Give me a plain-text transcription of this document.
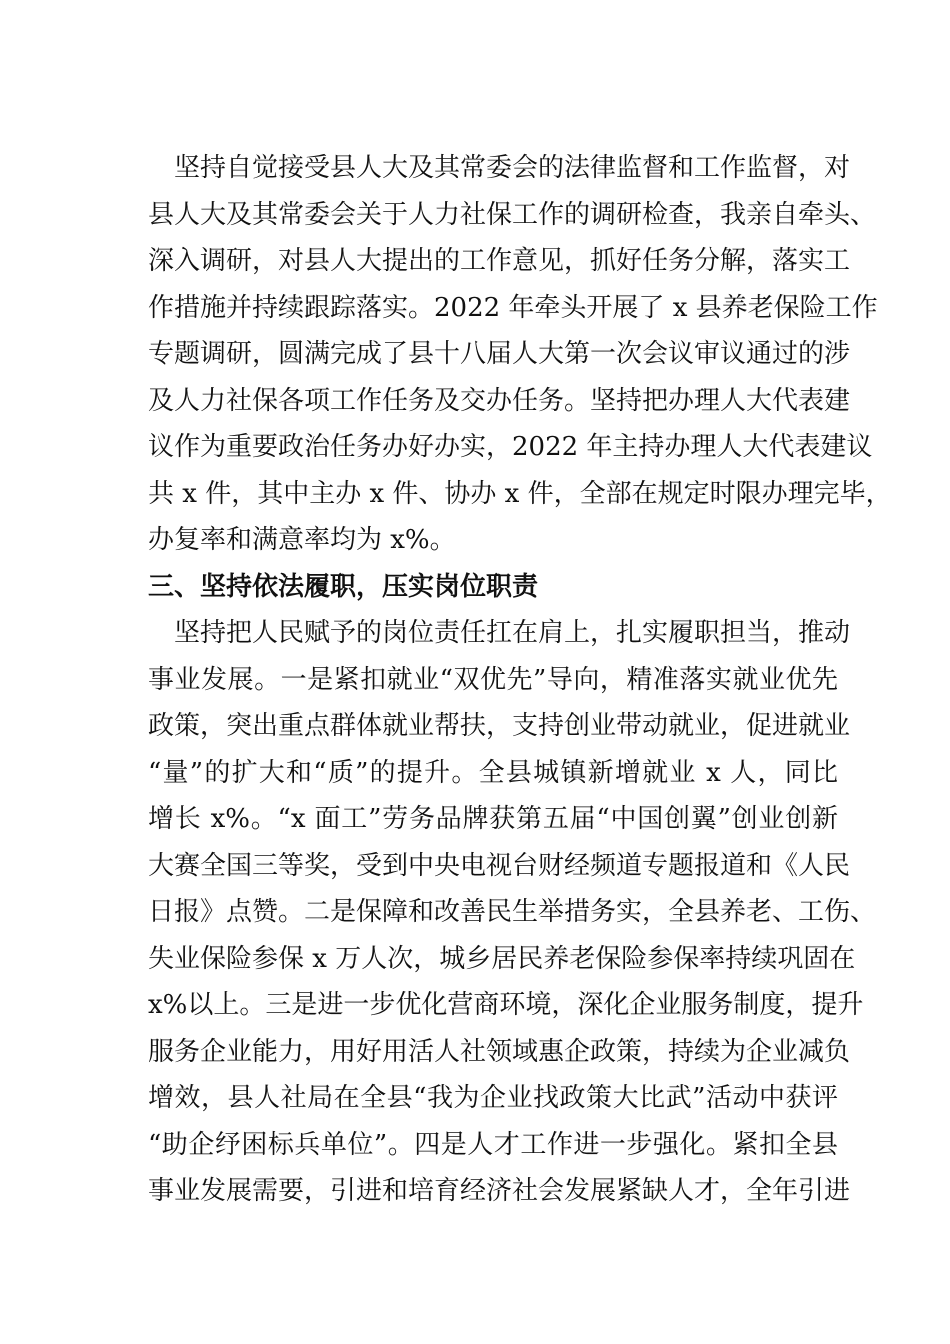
　坚持自觉接受县人大及其常委会的法律监督和工作监督，对
县人大及其常委会关于人力社保工作的调研检查，我亲自牵头、
深入调研，对县人大提出的工作意见，抓好任务分解，落实工
作措施并持续跟踪落实。2022 年牵头开展了 x 县养老保险工作
专题调研，圆满完成了县十八届人大第一次会议审议通过的涉
及人力社保各项工作任务及交办任务。坚持把办理人大代表建
议作为重要政治任务办好办实，2022 年主持办理人大代表建议
共 x 件，其中主办 x 件、协办 x 件，全部在规定时限办理完毕，
办复率和满意率均为 x%。
三、坚持依法履职，压实岗位职责
　坚持把人民赋予的岗位责任扛在肩上，扎实履职担当，推动
事业发展。一是紧扣就业“双优先”导向，精准落实就业优先
政策，突出重点群体就业帮扶，支持创业带动就业，促进就业
“量”的扩大和“质”的提升。全县城镇新增就业 x 人，同比
增长 x%。“x 面工”劳务品牌获第五届“中国创翼”创业创新
大赛全国三等奖，受到中央电视台财经频道专题报道和《人民
日报》点赞。二是保障和改善民生举措务实，全县养老、工伤、
失业保险参保 x 万人次，城乡居民养老保险参保率持续巩固在
x%以上。三是进一步优化营商环境，深化企业服务制度，提升
服务企业能力，用好用活人社领域惠企政策，持续为企业减负
增效，县人社局在全县“我为企业找政策大比武”活动中获评
“助企纾困标兵单位”。四是人才工作进一步强化。紧扣全县
事业发展需要，引进和培育经济社会发展紧缺人才，全年引进
